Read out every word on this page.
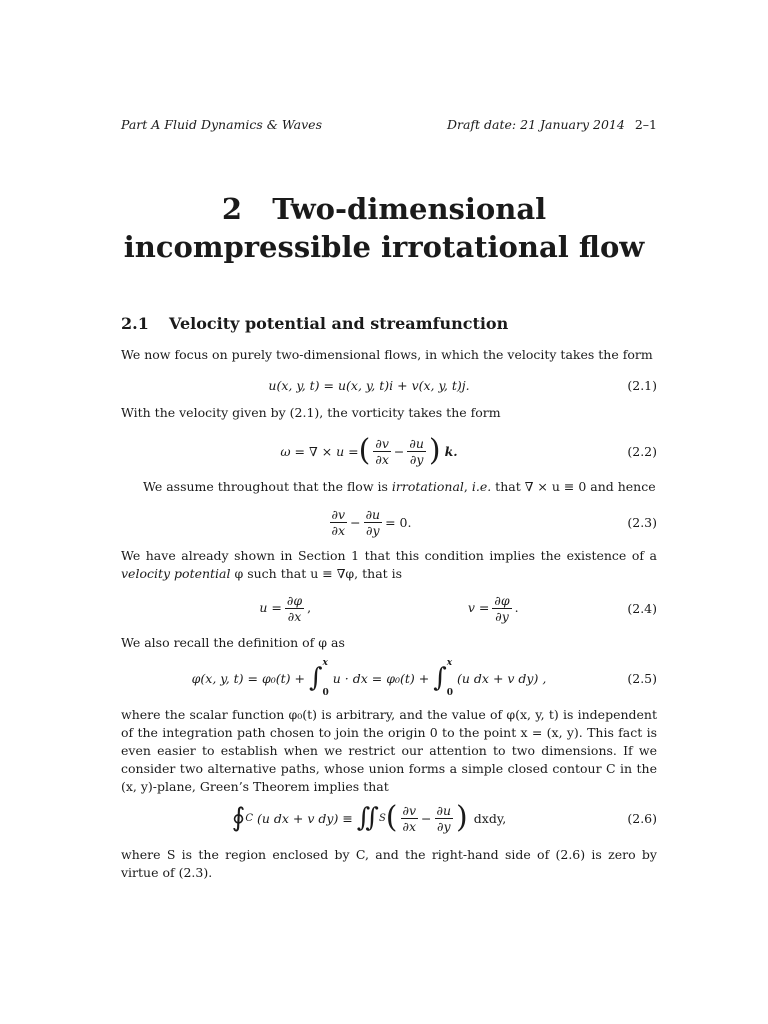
Part A Fluid Dynamics & Waves	Draft date: 21 January 2014 2–1
2   Two-dimensional
incompressible irrotational flow
2.1 Velocity potential and streamfunction
We now focus on purely two-dimensional flows, in which the velocity takes the form
u(x, y, t) = u(x, y, t)i + v(x, y, t)j.	(2.1)
With the velocity given by (2.1), the vorticity takes the form
ω = ∇ × u = ( $\frac{\partial v}{\partial x} - \frac{\partial u}{\partial y}$ ) k.	(2.2)
We assume throughout that the flow is irrotational, i.e. that ∇ × u ≡ 0 and hence
$\frac{\partial v}{\partial x} - \frac{\partial u}{\partial y} = 0$.	(2.3)
We have already shown in Section 1 that this condition implies the existence of a velocity potential φ such that u ≡ ∇φ, that is
$u = \frac{\partial\varphi}{\partial x}$ ,	$v = \frac{\partial\varphi}{\partial y}$ .	(2.4)
We also recall the definition of φ as
φ(x, y, t) = φ₀(t) + ∫ x
0
u · dx = φ₀(t) + ∫ x
0
(u dx + v dy) ,	(2.5)
where the scalar function φ₀(t) is arbitrary, and the value of φ(x, y, t) is independent of the integration path chosen to join the origin 0 to the point x = (x, y). This fact is even easier to establish when we restrict our attention to two dimensions. If we consider two alternative paths, whose union forms a simple closed contour C in the (x, y)-plane, Green’s Theorem implies that
∮ C (u dx + v dy) ≡ ∬ S ( $\frac{\partial v}{\partial x} - \frac{\partial u}{\partial y}$ ) dxdy,	(2.6)
where S is the region enclosed by C, and the right-hand side of (2.6) is zero by virtue of (2.3).
